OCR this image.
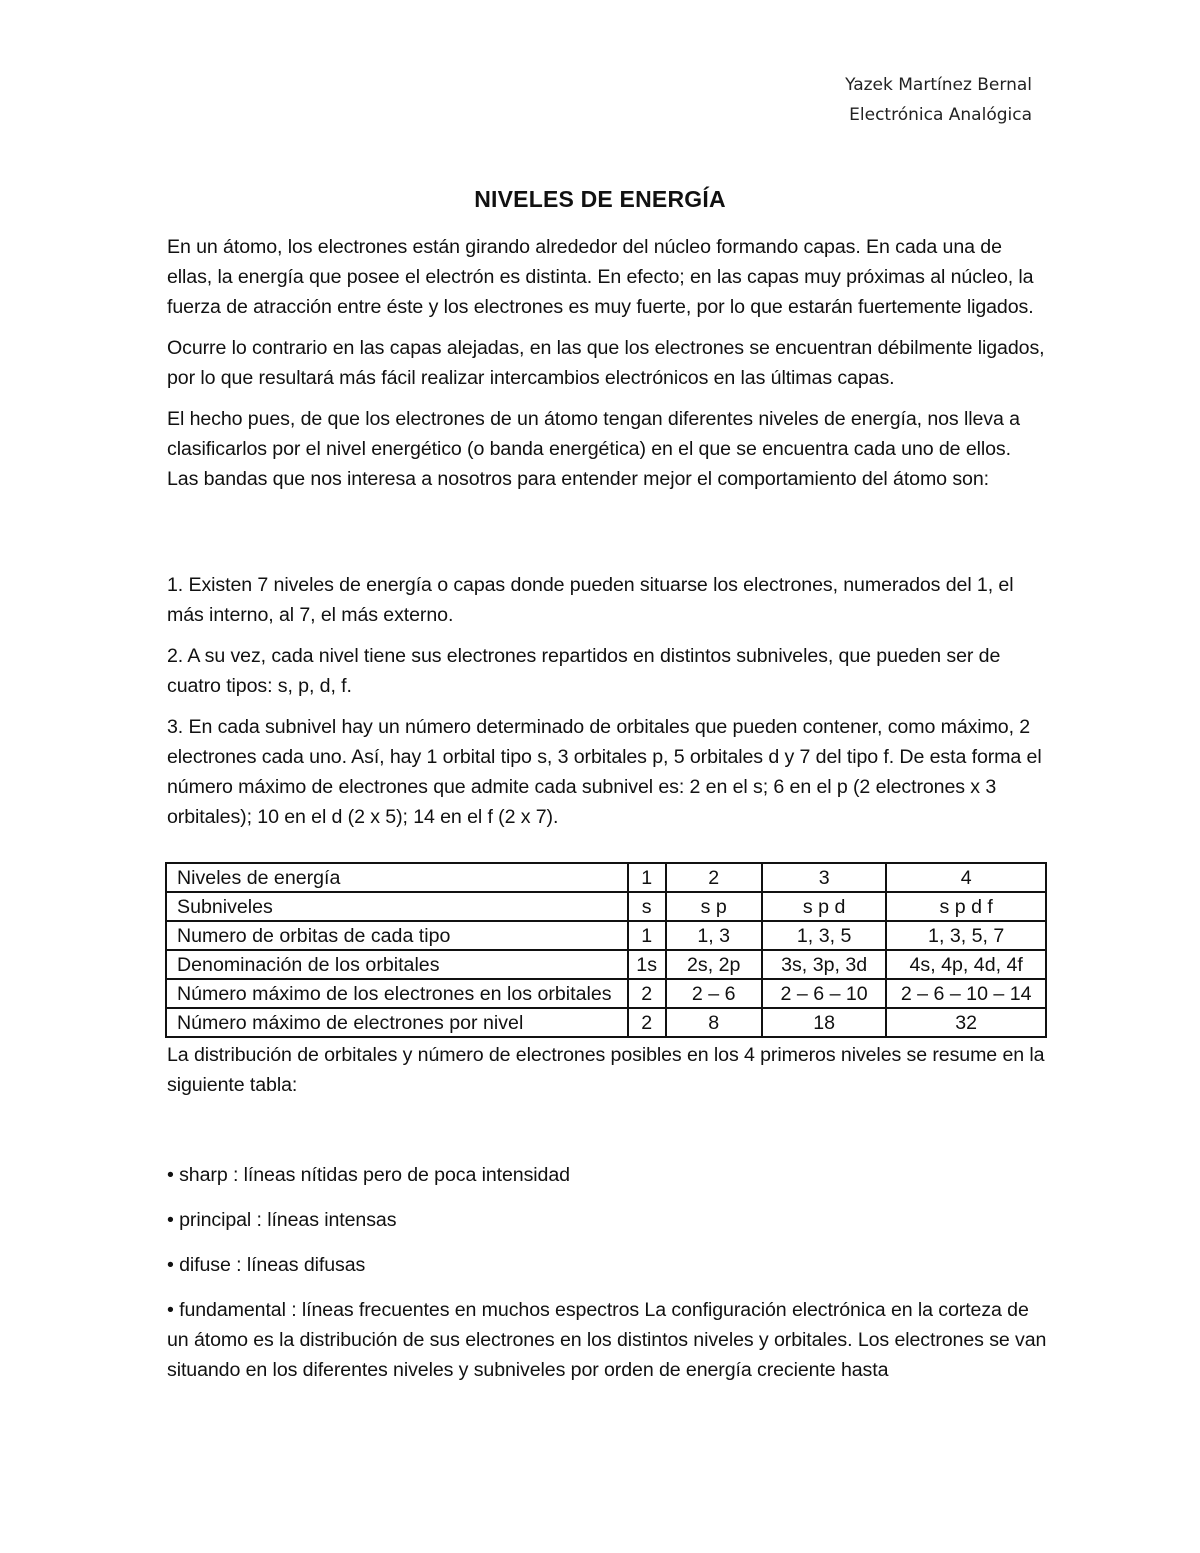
Yazek Martínez Bernal
Electrónica Analógica
NIVELES DE ENERGÍA

En un átomo, los electrones están girando alrededor del núcleo formando capas. En cada una de ellas, la energía que posee el electrón es distinta. En efecto; en las capas muy próximas al núcleo, la fuerza de atracción entre éste y los electrones es muy fuerte, por lo que estarán fuertemente ligados.

Ocurre lo contrario en las capas alejadas, en las que los electrones se encuentran débilmente ligados, por lo que resultará más fácil realizar intercambios electrónicos en las últimas capas.

El hecho pues, de que los electrones de un átomo tengan diferentes niveles de energía, nos lleva a clasificarlos por el nivel energético (o banda energética) en el que se encuentra cada uno de ellos. Las bandas que nos interesa a nosotros para entender mejor el comportamiento del átomo son:

1. Existen 7 niveles de energía o capas donde pueden situarse los electrones, numerados del 1, el más interno, al 7, el más externo.

2. A su vez, cada nivel tiene sus electrones repartidos en distintos subniveles, que pueden ser de cuatro tipos: s, p, d, f.

3. En cada subnivel hay un número determinado de orbitales que pueden contener, como máximo, 2 electrones cada uno. Así, hay 1 orbital tipo s, 3 orbitales p, 5 orbitales d y 7 del tipo f. De esta forma el número máximo de electrones que admite cada subnivel es: 2 en el s; 6 en el p (2 electrones x 3 orbitales); 10 en el d (2 x 5); 14 en el f (2 x 7).

Niveles de energía	1	2	3	4
Subniveles	s	s p	s p d	s p d f
Numero de orbitas de cada tipo	1	1, 3	1, 3, 5	1, 3, 5, 7
Denominación de los orbitales	1s	2s, 2p	3s, 3p, 3d	4s, 4p, 4d, 4f
Número máximo de los electrones en los orbitales	2	2 – 6	2 – 6 – 10	2 – 6 – 10 – 14
Número máximo de electrones por nivel	2	8	18	32

La distribución de orbitales y número de electrones posibles en los 4 primeros niveles se resume en la siguiente tabla:

• sharp : líneas nítidas pero de poca intensidad

• principal : líneas intensas

• difuse : líneas difusas

• fundamental : líneas frecuentes en muchos espectros La configuración electrónica en la corteza de un átomo es la distribución de sus electrones en los distintos niveles y orbitales. Los electrones se van situando en los diferentes niveles y subniveles por orden de energía creciente hasta
